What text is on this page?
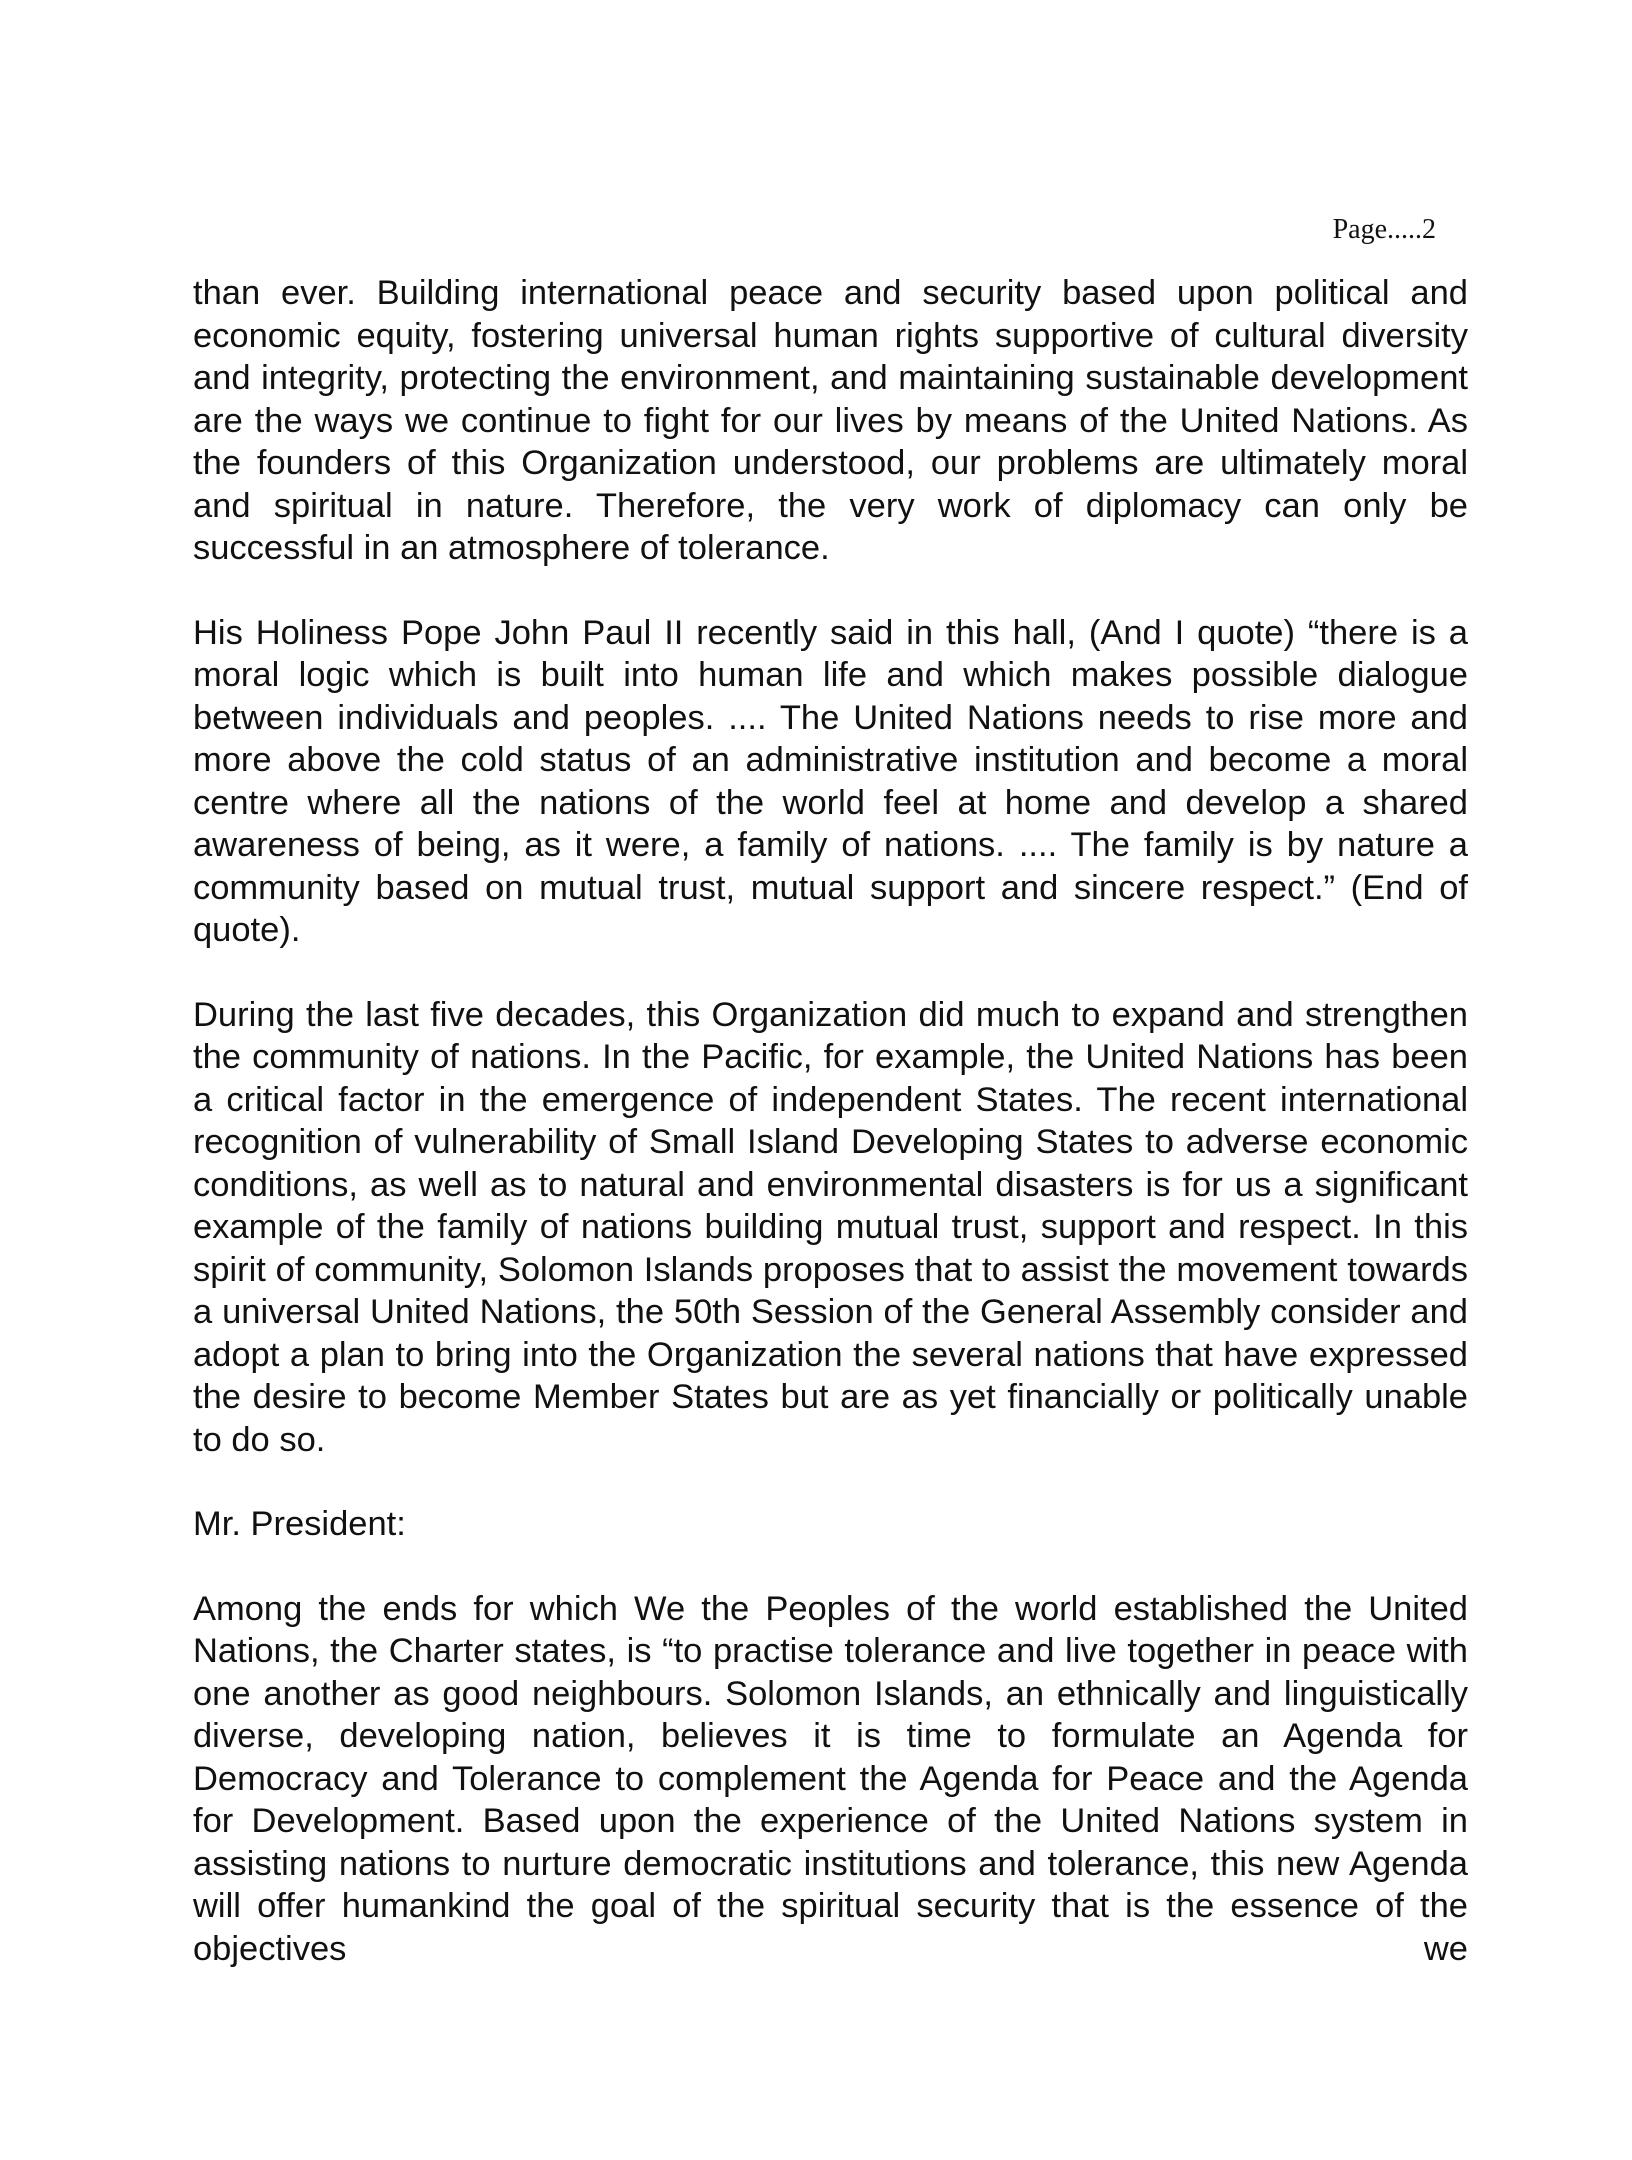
Page.....2

than ever. Building international peace and security based upon political and economic equity, fostering universal human rights supportive of cultural diversity and integrity, protecting the environment, and maintaining sustainable development are the ways we continue to fight for our lives by means of the United Nations. As the founders of this Organization understood, our problems are ultimately moral and spiritual in nature. Therefore, the very work of diplomacy can only be successful in an atmosphere of tolerance.

His Holiness Pope John Paul II recently said in this hall, (And I quote) “there is a moral logic which is built into human life and which makes possible dialogue between individuals and peoples. .... The United Nations needs to rise more and more above the cold status of an administrative institution and become a moral centre where all the nations of the world feel at home and develop a shared awareness of being, as it were, a family of nations. .... The family is by nature a community based on mutual trust, mutual support and sincere respect.” (End of quote).

During the last five decades, this Organization did much to expand and strengthen the community of nations. In the Pacific, for example, the United Nations has been a critical factor in the emergence of independent States. The recent international recognition of vulnerability of Small Island Developing States to adverse economic conditions, as well as to natural and environmental disasters is for us a significant example of the family of nations building mutual trust, support and respect. In this spirit of community, Solomon Islands proposes that to assist the movement towards a universal United Nations, the 50th Session of the General Assembly consider and adopt a plan to bring into the Organization the several nations that have expressed the desire to become Member States but are as yet financially or politically unable to do so.

Mr. President:

Among the ends for which We the Peoples of the world established the United Nations, the Charter states, is “to practise tolerance and live together in peace with one another as good neighbours. Solomon Islands, an ethnically and linguistically diverse, developing nation, believes it is time to formulate an Agenda for Democracy and Tolerance to complement the Agenda for Peace and the Agenda for Development. Based upon the experience of the United Nations system in assisting nations to nurture democratic institutions and tolerance, this new Agenda will offer humankind the goal of the spiritual security that is the essence of the objectives we
